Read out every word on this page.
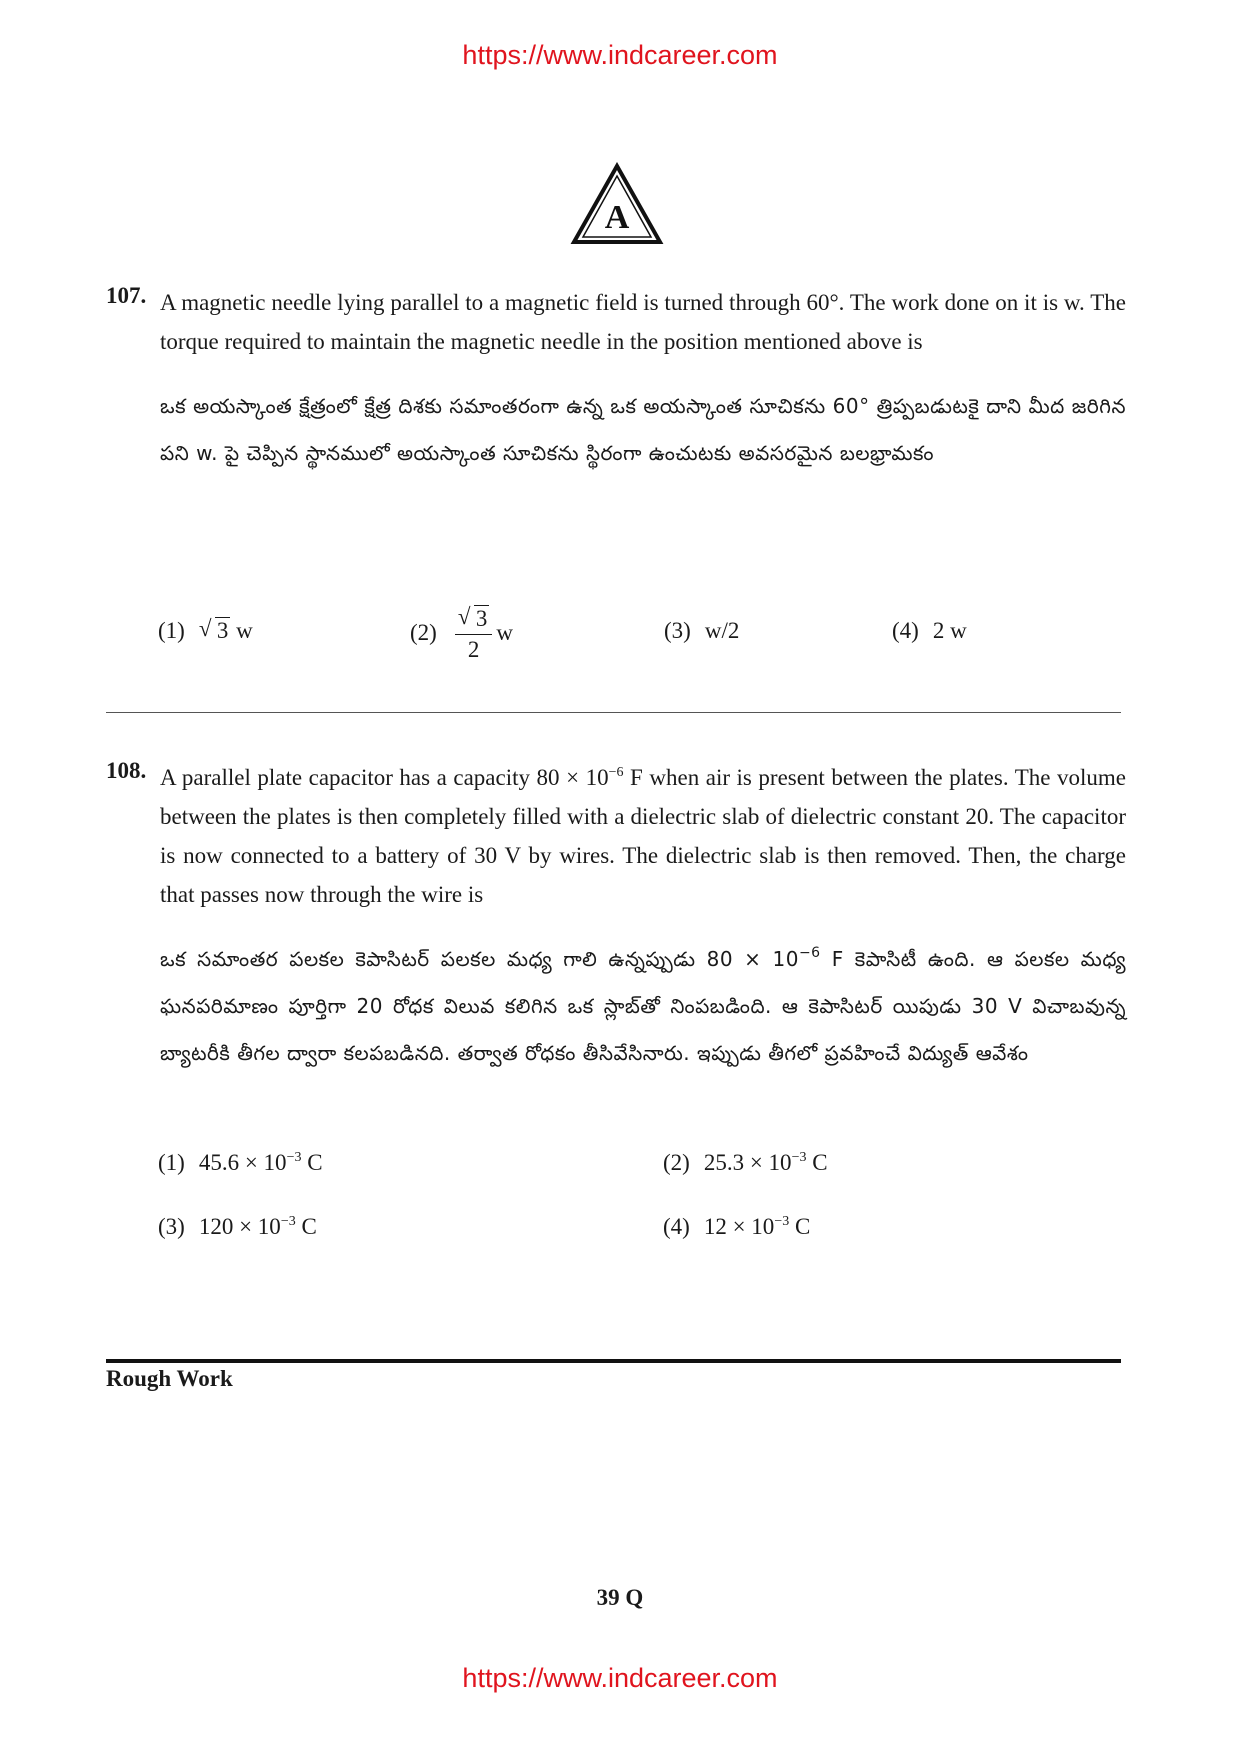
https://www.indcareer.com
A
107. A magnetic needle lying parallel to a magnetic field is turned through 60°. The work done on it is w. The torque required to maintain the magnetic needle in the position mentioned above is
ఒక అయస్కాంత క్షేత్రంలో క్షేత్ర దిశకు సమాంతరంగా ఉన్న ఒక అయస్కాంత సూచికను 60° త్రిప్పబడుటకై దాని మీద జరిగిన పని w. పై చెప్పిన స్థానములో అయస్కాంత సూచికను స్థిరంగా ఉంచుటకు అవసరమైన బలభ్రామకం
(1) √ 3 w	$(2) \frac{√ 3}{2}$ w	(3) w/2	(4) 2 w
108. A parallel plate capacitor has a capacity $80 \times 10^{-6}$ F when air is present between the plates. The volume between the plates is then completely filled with a dielectric slab of dielectric constant 20. The capacitor is now connected to a battery of 30 V by wires. The dielectric slab is then removed. Then, the charge that passes now through the wire is
ఒక సమాంతర పలకల కెపాసిటర్ పలకల మధ్య గాలి ఉన్నప్పుడు $80 \times 10^{-6}$ F కెపాసిటీ ఉంది. ఆ పలకల మధ్య ఘనపరిమాణం పూర్తిగా 20 రోధక విలువ కలిగిన ఒక స్లాబ్‌తో నింపబడింది. ఆ కెపాసిటర్ యిపుడు 30 V విచాబవున్న బ్యాటరీకి తీగల ద్వారా కలపబడినది. తర్వాత రోధకం తీసివేసినారు. ఇప్పుడు తీగలో ప్రవహించే విద్యుత్ ఆవేశం
(1) $45.6 \times 10^{-3}$ C	(2) $25.3 \times 10^{-3}$ C
(3) $120 \times 10^{-3}$ C	(4) $12 \times 10^{-3}$ C
Rough Work
39 Q
https://www.indcareer.com
